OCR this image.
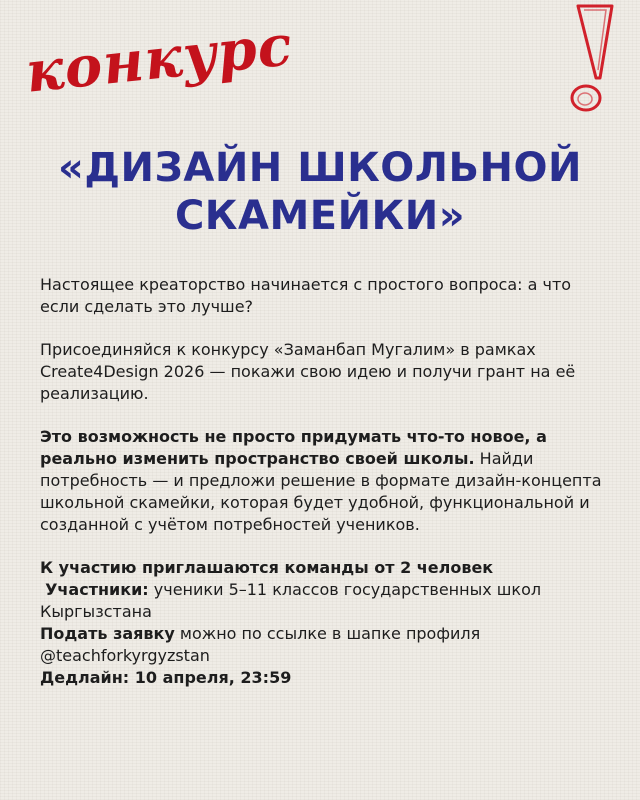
конкурс
«ДИЗАЙН ШКОЛЬНОЙ
СКАМЕЙКИ»

Настоящее креаторство начинается с простого вопроса: а что если сделать это лучше?

Присоединяйся к конкурсу «Заманбап Мугалим» в рамках Create4Design 2026 — покажи свою идею и получи грант на её реализацию.

Это возможность не просто придумать что-то новое, а реально изменить пространство своей школы. Найди потребность — и предложи решение в формате дизайн-концепта школьной скамейки, которая будет удобной, функциональной и созданной с учётом потребностей учеников.

К участию приглашаются команды от 2 человек

Участники: ученики 5–11 классов государственных школ Кыргызстана

Подать заявку можно по ссылке в шапке профиля @teachforkyrgyzstan

Дедлайн: 10 апреля, 23:59
